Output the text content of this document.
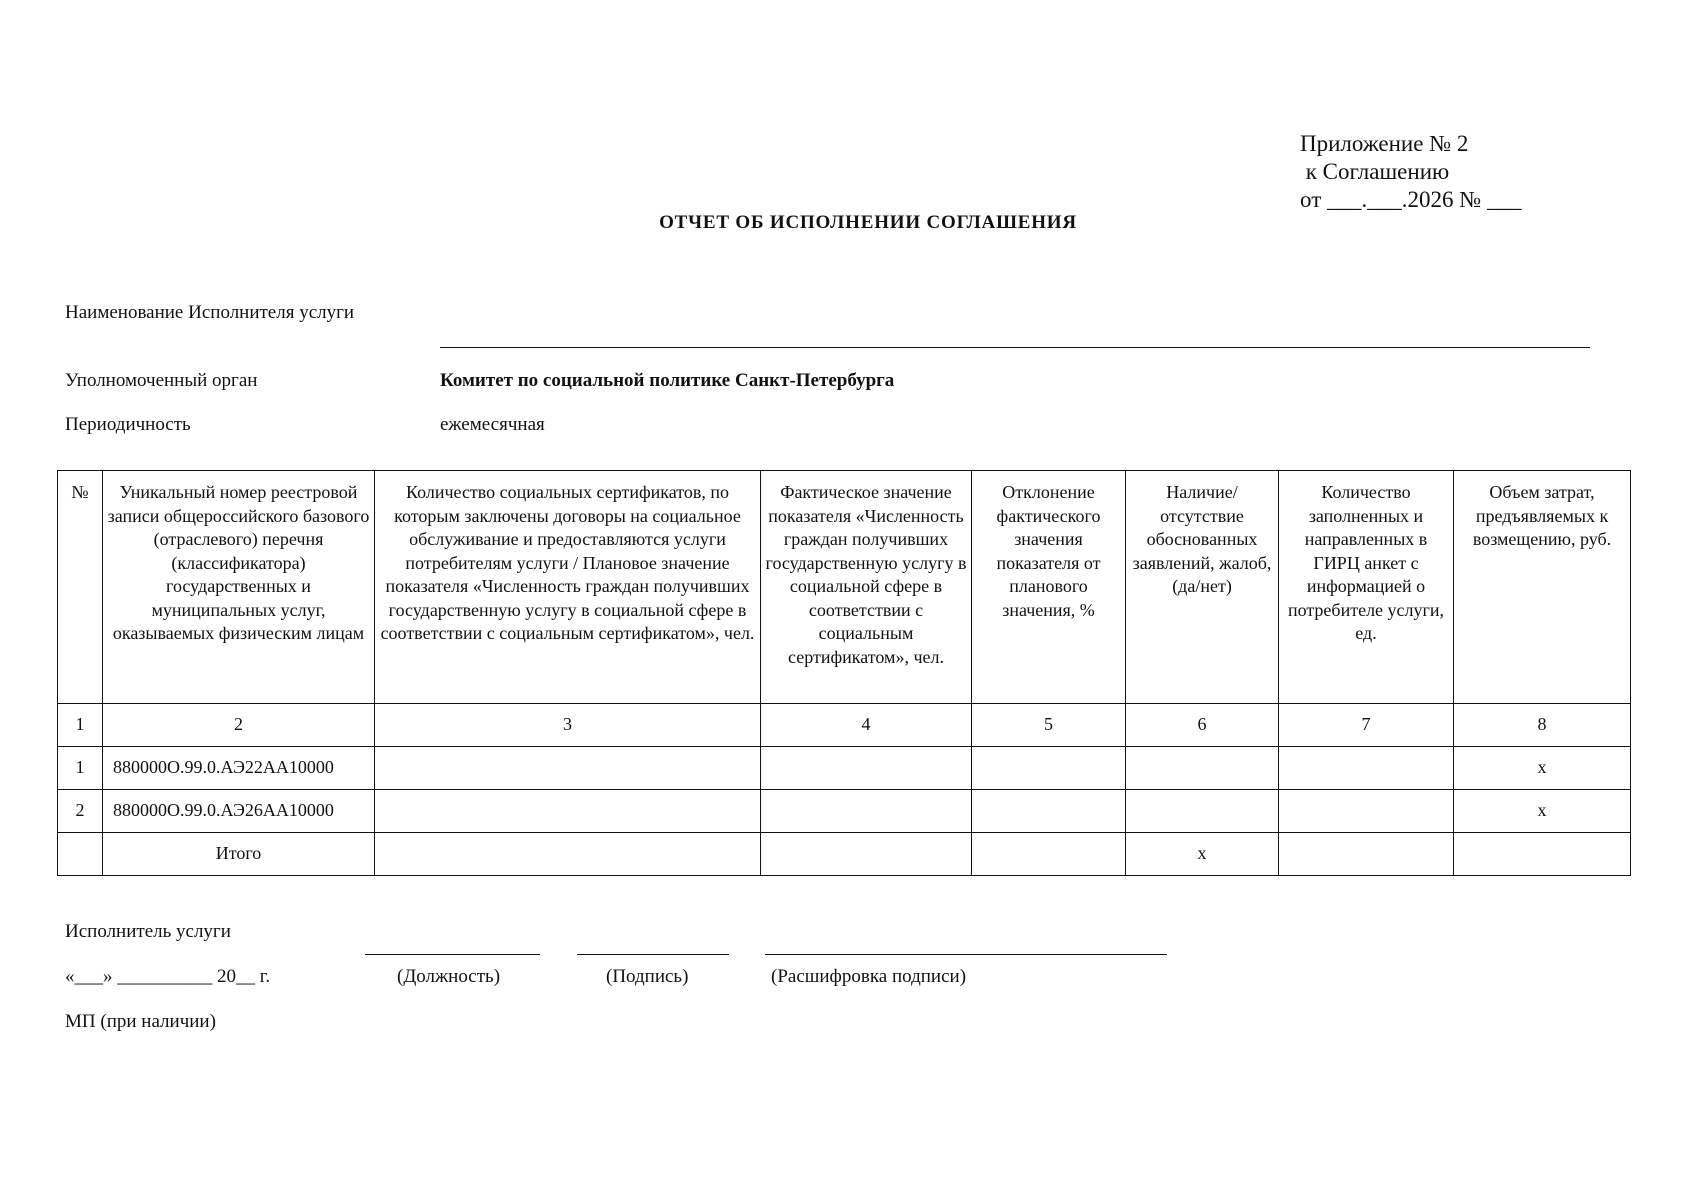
Приложение № 2
к Соглашению
от ___.___.2026 № ___
ОТЧЕТ ОБ ИСПОЛНЕНИИ СОГЛАШЕНИЯ
Наименование Исполнителя услуги
Уполномоченный орган	Комитет по социальной политике Санкт-Петербурга
Периодичность	ежемесячная
№	Уникальный номер реестровой записи общероссийского базового (отраслевого) перечня (классификатора) государственных и муниципальных услуг, оказываемых физическим лицам	Количество социальных сертификатов, по которым заключены договоры на социальное обслуживание и предоставляются услуги потребителям услуги / Плановое значение показателя «Численность граждан получивших государственную услугу в социальной сфере в соответствии с социальным сертификатом», чел.	Фактическое значение показателя «Численность граждан получивших государственную услугу в социальной сфере в соответствии с социальным сертификатом», чел.	Отклонение фактического значения показателя от планового значения, %	Наличие/ отсутствие обоснованных заявлений, жалоб, (да/нет)	Количество заполненных и направленных в ГИРЦ анкет с информацией о потребителе услуги, ед.	Объем затрат, предъявляемых к возмещению, руб.
1	2	3	4	5	6	7	8
1	880000О.99.0.АЭ22АА10000						х
2	880000О.99.0.АЭ26АА10000						х
	Итого				х		
Исполнитель услуги
«___» __________ 20__ г.	(Должность)	(Подпись)	(Расшифровка подписи)
МП (при наличии)
